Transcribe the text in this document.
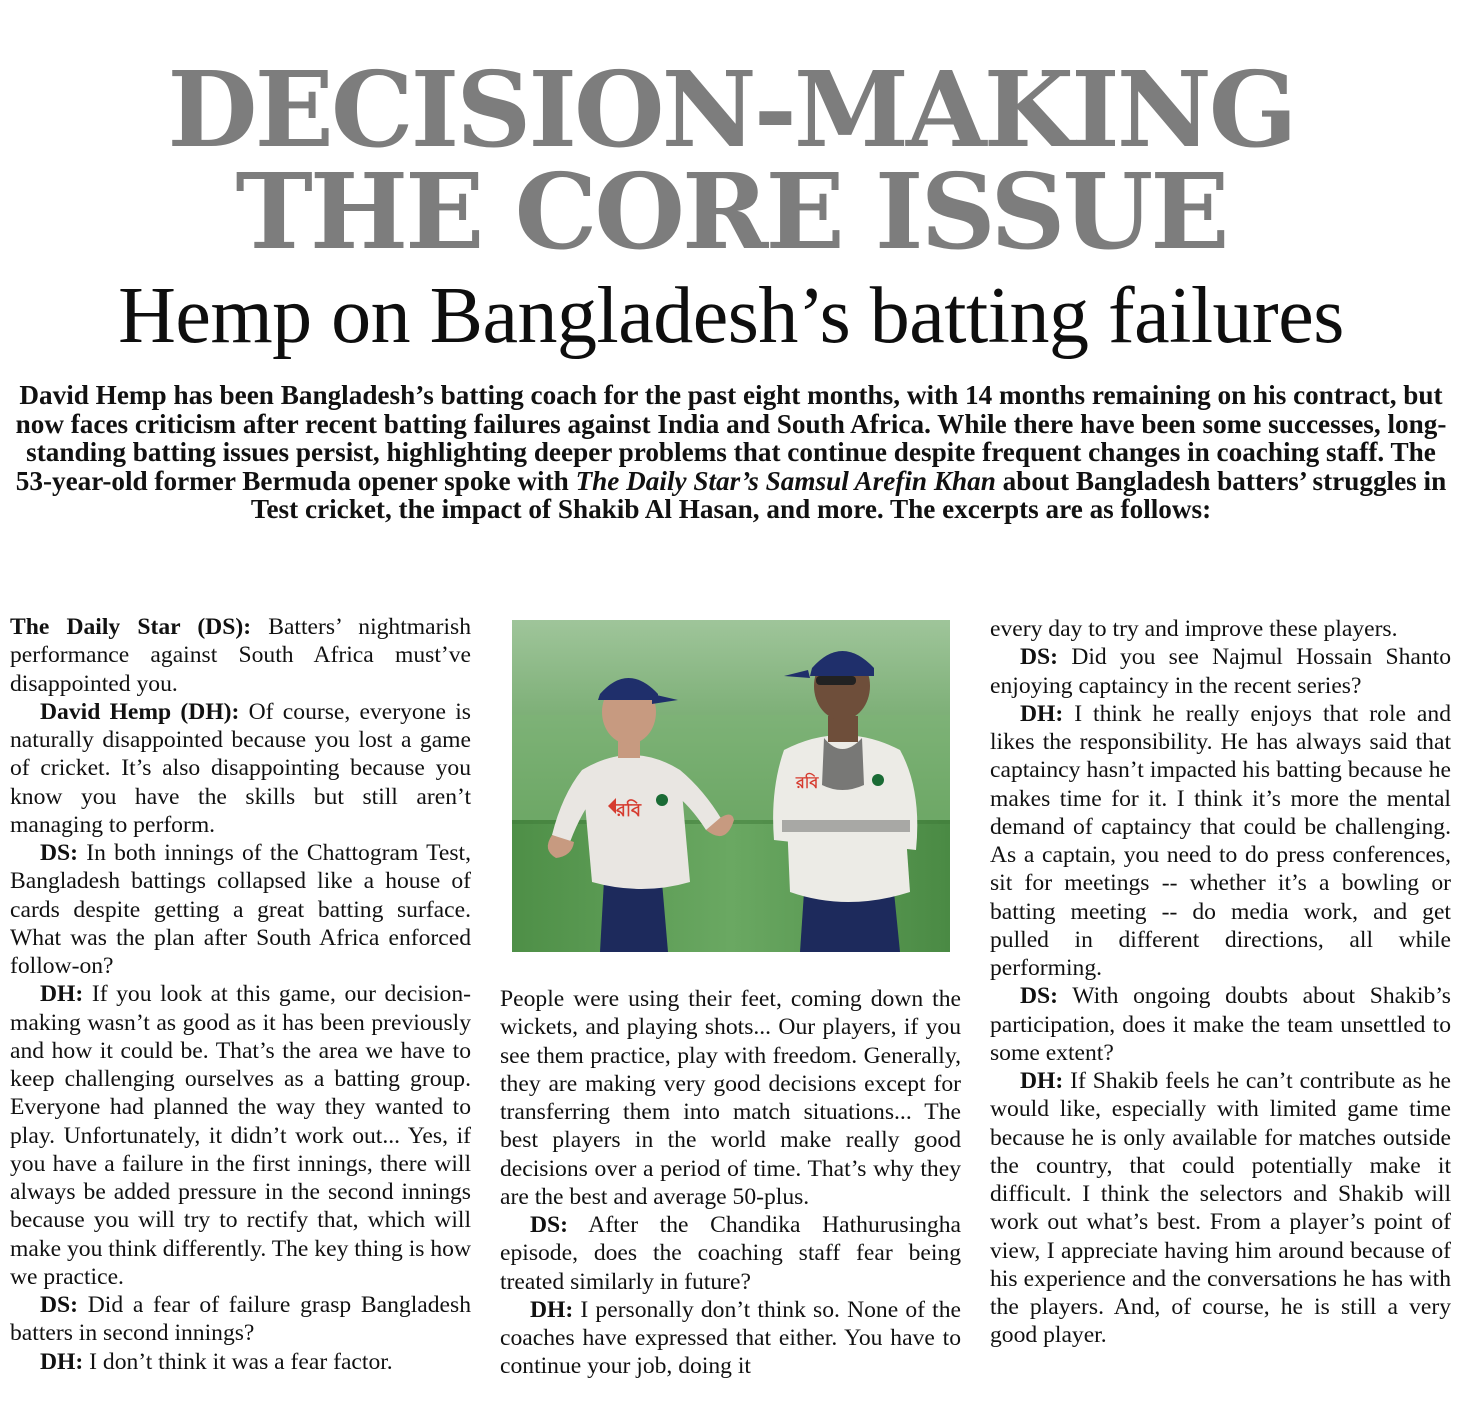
DECISION-MAKING
THE CORE ISSUE
Hemp on Bangladesh’s batting failures
David Hemp has been Bangladesh’s batting coach for the past eight months, with 14 months remaining on his contract, but now faces criticism after recent batting failures against India and South Africa. While there have been some successes, long-standing batting issues persist, highlighting deeper problems that continue despite frequent changes in coaching staff. The 53-year-old former Bermuda opener spoke with The Daily Star’s Samsul Arefin Khan about Bangladesh batters’ struggles in Test cricket, the impact of Shakib Al Hasan, and more. The excerpts are as follows:

The Daily Star (DS): Batters’ nightmarish performance against South Africa must’ve disappointed you.

David Hemp (DH): Of course, everyone is naturally disappointed because you lost a game of cricket. It’s also disappointing because you know you have the skills but still aren’t managing to perform.

DS: In both innings of the Chattogram Test, Bangladesh battings collapsed like a house of cards despite getting a great batting surface. What was the plan after South Africa enforced follow-on?

DH: If you look at this game, our decision-making wasn’t as good as it has been previously and how it could be. That’s the area we have to keep challenging ourselves as a batting group. Everyone had planned the way they wanted to play. Unfortunately, it didn’t work out... Yes, if you have a failure in the first innings, there will always be added pressure in the second innings because you will try to rectify that, which will make you think differently. The key thing is how we practice.

DS: Did a fear of failure grasp Bangladesh batters in second innings?

DH: I don’t think it was a fear factor.

রবি
রবি

People were using their feet, coming down the wickets, and playing shots... Our players, if you see them practice, play with freedom. Generally, they are making very good decisions except for transferring them into match situations... The best players in the world make really good decisions over a period of time. That’s why they are the best and average 50-plus.

DS: After the Chandika Hathurusingha episode, does the coaching staff fear being treated similarly in future?

DH: I personally don’t think so. None of the coaches have expressed that either. You have to continue your job, doing it

every day to try and improve these players.

DS: Did you see Najmul Hossain Shanto enjoying captaincy in the recent series?

DH: I think he really enjoys that role and likes the responsibility. He has always said that captaincy hasn’t impacted his batting because he makes time for it. I think it’s more the mental demand of captaincy that could be challenging. As a captain, you need to do press conferences, sit for meetings -- whether it’s a bowling or batting meeting -- do media work, and get pulled in different directions, all while performing.

DS: With ongoing doubts about Shakib’s participation, does it make the team unsettled to some extent?

DH: If Shakib feels he can’t contribute as he would like, especially with limited game time because he is only available for matches outside the country, that could potentially make it difficult. I think the selectors and Shakib will work out what’s best. From a player’s point of view, I appreciate having him around because of his experience and the conversations he has with the players. And, of course, he is still a very good player.
